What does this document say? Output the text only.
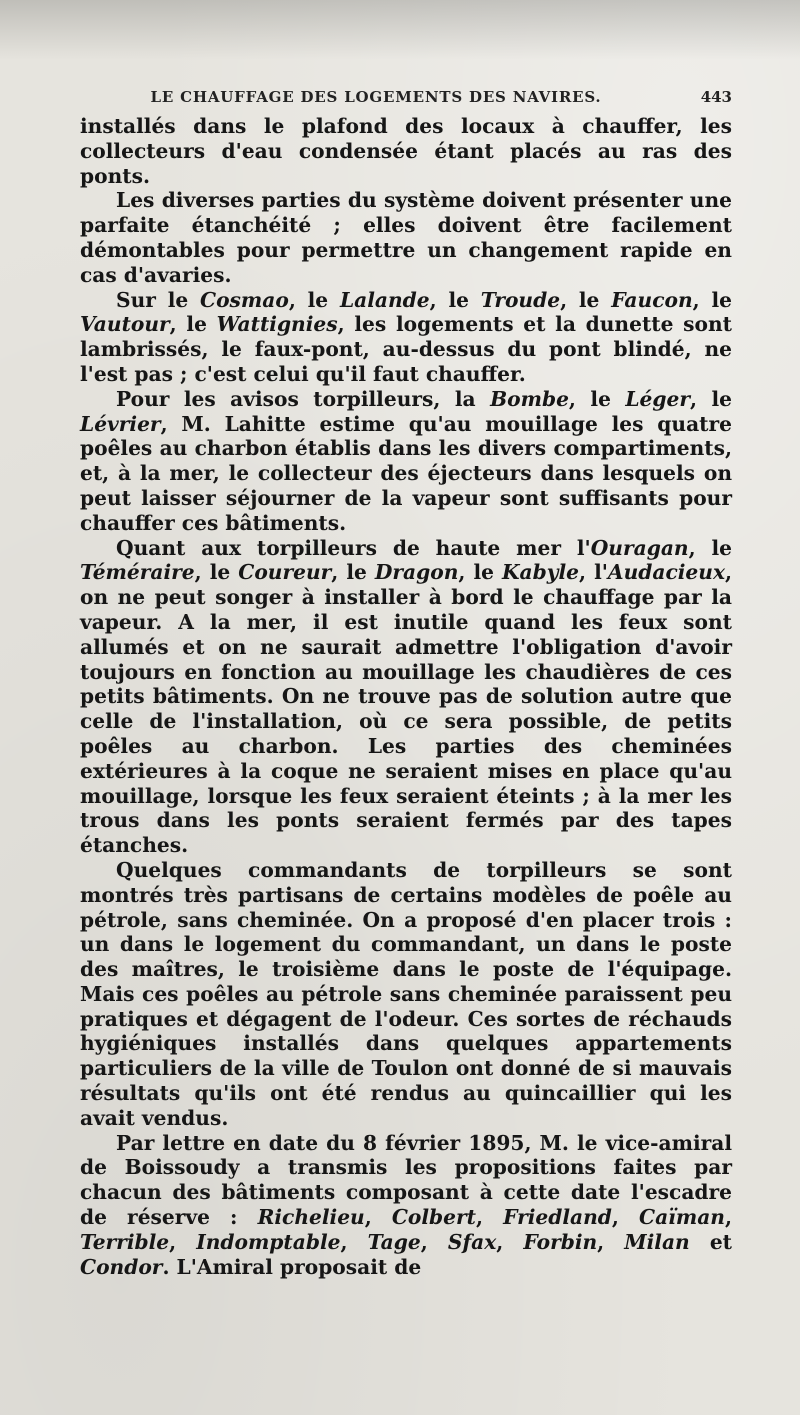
LE CHAUFFAGE DES LOGEMENTS DES NAVIRES.	443

installés dans le plafond des locaux à chauffer, les collecteurs d'eau condensée étant placés au ras des ponts.

Les diverses parties du système doivent présenter une parfaite étanchéité ; elles doivent être facilement démontables pour permettre un changement rapide en cas d'avaries.

Sur le Cosmao, le Lalande, le Troude, le Faucon, le Vautour, le Wattignies, les logements et la dunette sont lambrissés, le faux-pont, au-dessus du pont blindé, ne l'est pas ; c'est celui qu'il faut chauffer.

Pour les avisos torpilleurs, la Bombe, le Léger, le Lévrier, M. Lahitte estime qu'au mouillage les quatre poêles au charbon établis dans les divers compartiments, et, à la mer, le collecteur des éjecteurs dans lesquels on peut laisser séjourner de la vapeur sont suffisants pour chauffer ces bâtiments.

Quant aux torpilleurs de haute mer l'Ouragan, le Téméraire, le Coureur, le Dragon, le Kabyle, l'Audacieux, on ne peut songer à installer à bord le chauffage par la vapeur. A la mer, il est inutile quand les feux sont allumés et on ne saurait admettre l'obligation d'avoir toujours en fonction au mouillage les chaudières de ces petits bâtiments. On ne trouve pas de solution autre que celle de l'installation, où ce sera possible, de petits poêles au charbon. Les parties des cheminées extérieures à la coque ne seraient mises en place qu'au mouillage, lorsque les feux seraient éteints ; à la mer les trous dans les ponts seraient fermés par des tapes étanches.

Quelques commandants de torpilleurs se sont montrés très partisans de certains modèles de poêle au pétrole, sans cheminée. On a proposé d'en placer trois : un dans le logement du commandant, un dans le poste des maîtres, le troisième dans le poste de l'équipage. Mais ces poêles au pétrole sans cheminée paraissent peu pratiques et dégagent de l'odeur. Ces sortes de réchauds hygiéniques installés dans quelques appartements particuliers de la ville de Toulon ont donné de si mauvais résultats qu'ils ont été rendus au quincaillier qui les avait vendus.

Par lettre en date du 8 février 1895, M. le vice-amiral de Boissoudy a transmis les propositions faites par chacun des bâtiments composant à cette date l'escadre de réserve : Richelieu, Colbert, Friedland, Caïman, Terrible, Indomptable, Tage, Sfax, Forbin, Milan et Condor. L'Amiral proposait de
